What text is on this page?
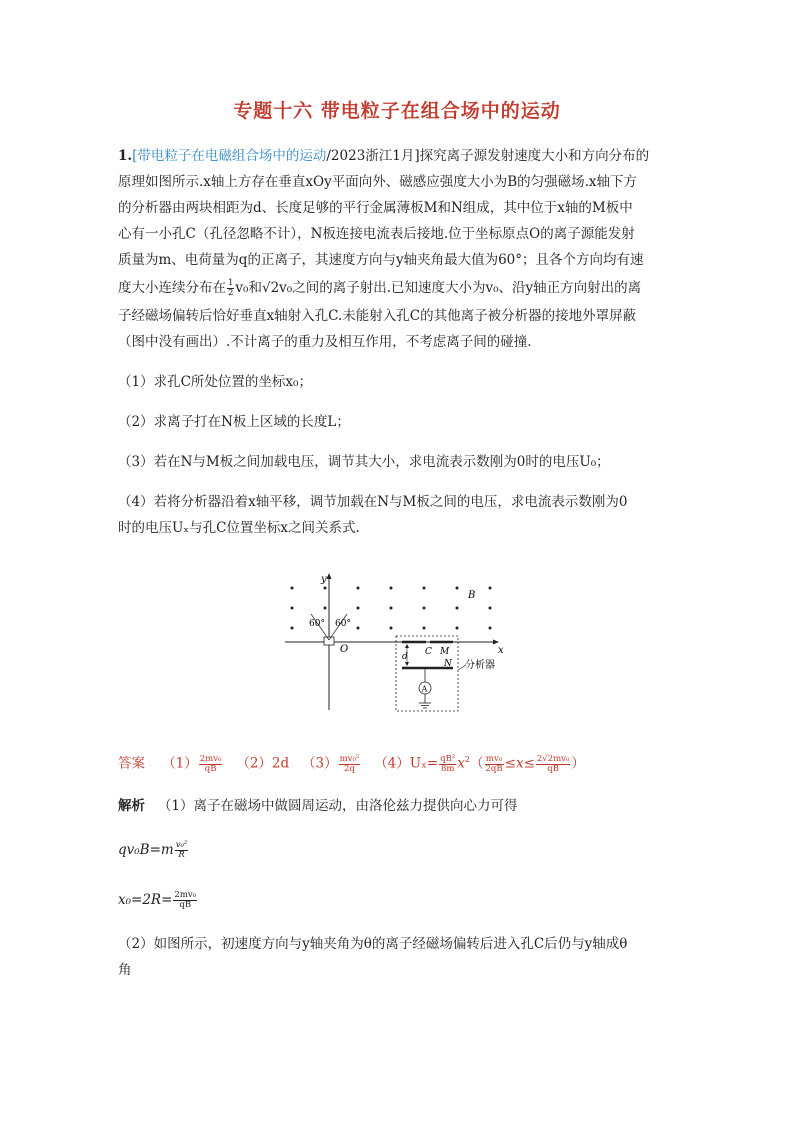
专题十六 带电粒子在组合场中的运动
1.[带电粒子在电磁组合场中的运动/2023浙江1月]探究离子源发射速度大小和方向分布的
原理如图所示.x轴上方存在垂直xOy平面向外、磁感应强度大小为B的匀强磁场.x轴下方
的分析器由两块相距为d、长度足够的平行金属薄板M和N组成，其中位于x轴的M板中
心有一小孔C（孔径忽略不计），N板连接电流表后接地.位于坐标原点O的离子源能发射
质量为m、电荷量为q的正离子，其速度方向与y轴夹角最大值为60°；且各个方向均有速
度大小连续分布在 $\frac{1}{2} v_0$和√2v₀之间的离子射出.已知速度大小为v₀、沿y轴正方向射出的离
子经磁场偏转后恰好垂直x轴射入孔C.未能射入孔C的其他离子被分析器的接地外罩屏蔽
（图中没有画出）.不计离子的重力及相互作用，不考虑离子间的碰撞.
（1）求孔C所处位置的坐标x₀；
（2）求离子打在N板上区域的长度L；
（3）若在N与M板之间加载电压，调节其大小，求电流表示数刚为0时的电压U₀；
（4）若将分析器沿着x轴平移，调节加载在N与M板之间的电压，求电流表示数刚为0
时的电压Uₓ与孔C位置坐标x之间关系式.
y
x
O
B
60° 60°
C M
N
d
A
分析器
答案 $(1) \frac{\text{2mv₀}}{qB} (2)2d$ $(3) \frac{\text{mv₀²}}{2q} (4)U_x= \frac{\text{qB²}}{8m} x^2( \frac{\text{mv₀}}{2qB} \le x\le \frac{\text{2√2mv₀}}{qB}$ ）
解析 （1）离子在磁场中做圆周运动，由洛伦兹力提供向心力可得
$qv_0B=m \frac{\text{v₀²}}{R}$
$x_0=2R= \frac{\text{2mv₀}}{qB}$
（2）如图所示，初速度方向与y轴夹角为θ的离子经磁场偏转后进入孔C后仍与y轴成θ
角
